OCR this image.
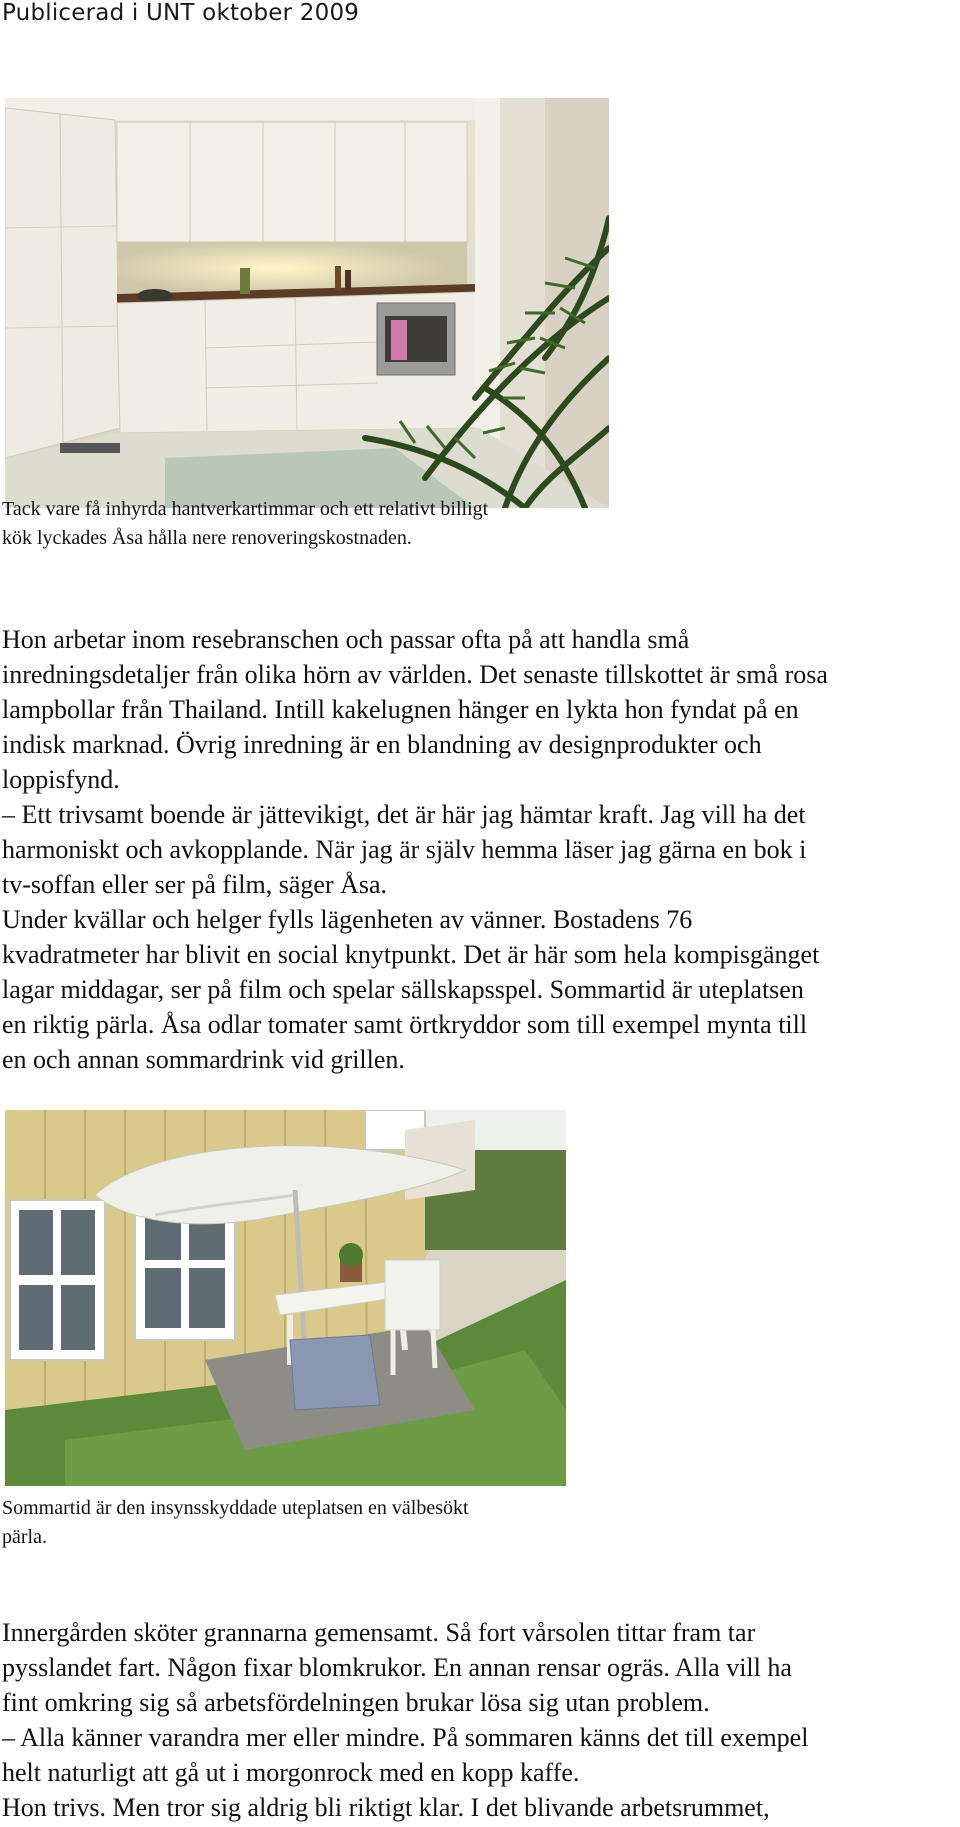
Publicerad i UNT oktober 2009
Tack vare få inhyrda hantverkartimmar och ett relativt billigt
kök lyckades Åsa hålla nere renoveringskostnaden.
Hon arbetar inom resebranschen och passar ofta på att handla små
inredningsdetaljer från olika hörn av världen. Det senaste tillskottet är små rosa
lampbollar från Thailand. Intill kakelugnen hänger en lykta hon fyndat på en
indisk marknad. Övrig inredning är en blandning av designprodukter och
loppisfynd.
– Ett trivsamt boende är jättevikigt, det är här jag hämtar kraft. Jag vill ha det
harmoniskt och avkopplande. När jag är själv hemma läser jag gärna en bok i
tv-soffan eller ser på film, säger Åsa.
Under kvällar och helger fylls lägenheten av vänner. Bostadens 76
kvadratmeter har blivit en social knytpunkt. Det är här som hela kompisgänget
lagar middagar, ser på film och spelar sällskapsspel. Sommartid är uteplatsen
en riktig pärla. Åsa odlar tomater samt örtkryddor som till exempel mynta till
en och annan sommardrink vid grillen.
Sommartid är den insynsskyddade uteplatsen en välbesökt
pärla.
Innergården sköter grannarna gemensamt. Så fort vårsolen tittar fram tar
pysslandet fart. Någon fixar blomkrukor. En annan rensar ogräs. Alla vill ha
fint omkring sig så arbetsfördelningen brukar lösa sig utan problem.
– Alla känner varandra mer eller mindre. På sommaren känns det till exempel
helt naturligt att gå ut i morgonrock med en kopp kaffe.
Hon trivs. Men tror sig aldrig bli riktigt klar. I det blivande arbetsrummet,
